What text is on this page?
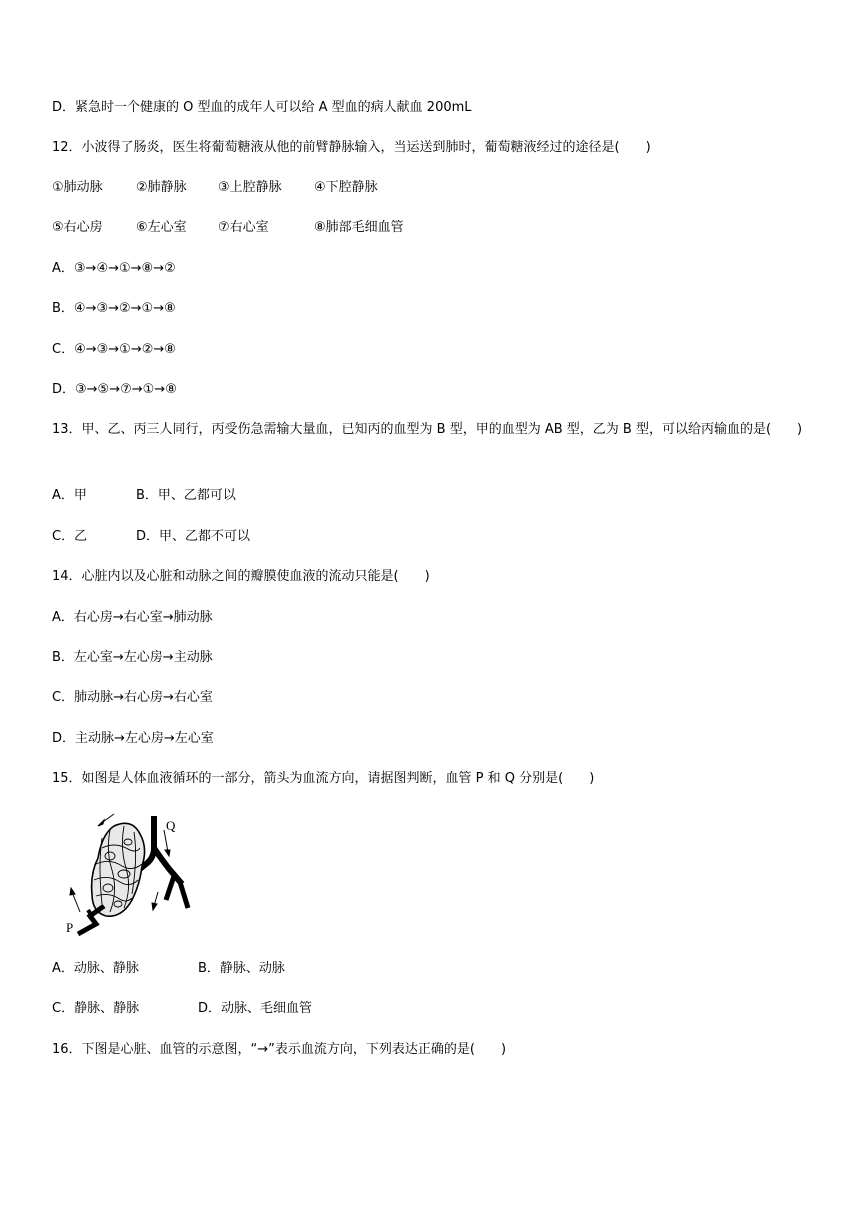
D．紧急时一个健康的 O 型血的成年人可以给 A 型血的病人献血 200mL
12．小波得了肠炎，医生将葡萄糖液从他的前臂静脉输入，当运送到肺时，葡萄糖液经过的途径是(　　)
①肺动脉	②肺静脉 ③上腔静脉 ④下腔静脉
⑤右心房	⑥左心室 ⑦右心室	⑧肺部毛细血管
A．③→④→①→⑧→②
B．④→③→②→①→⑧
C．④→③→①→②→⑧
D．③→⑤→⑦→①→⑧
13．甲、乙、丙三人同行，丙受伤急需输大量血，已知丙的血型为 B 型，甲的血型为 AB 型，乙为 B 型，可以给丙输血的是(　　)
A．甲	B．甲、乙都可以
C．乙	D．甲、乙都不可以
14．心脏内以及心脏和动脉之间的瓣膜使血液的流动只能是(　　)
A．右心房→右心室→肺动脉
B．左心室→左心房→主动脉
C．肺动脉→右心房→右心室
D．主动脉→左心房→左心室
15．如图是人体血液循环的一部分，箭头为血流方向，请据图判断，血管 P 和 Q 分别是(　　)
Q
P
A．动脉、静脉	B．静脉、动脉
C．静脉、静脉	D．动脉、毛细血管
16．下图是心脏、血管的示意图，“→”表示血流方向，下列表达正确的是(　　)
